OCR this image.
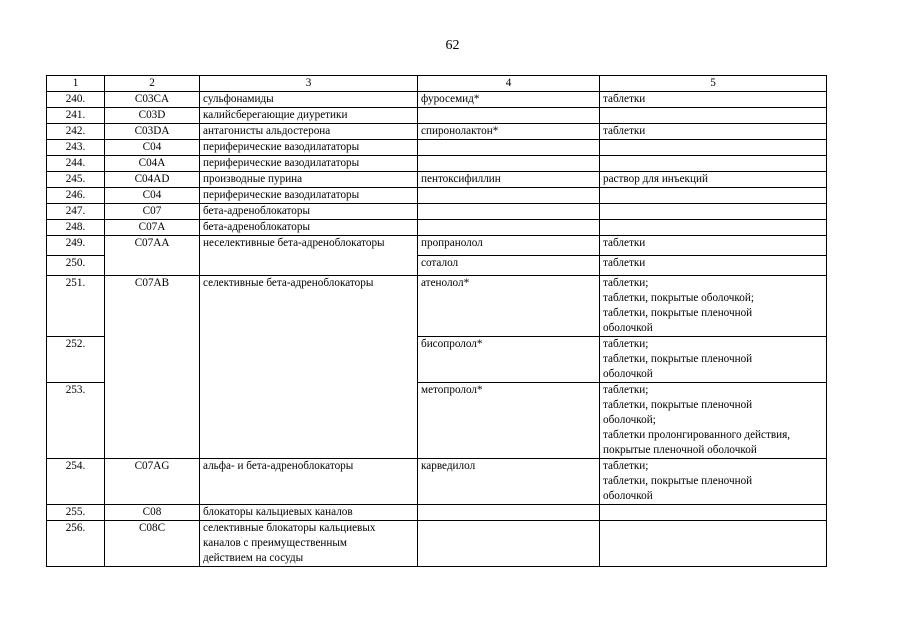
62
1	2	3	4	5
240.	C03CA	сульфонамиды	фуросемид*	таблетки

241.	C03D	калийсберегающие диуретики		

242.	C03DA	антагонисты альдостерона	спиронолактон*	таблетки

243.	C04	периферические вазодилататоры		

244.	C04A	периферические вазодилататоры		

245.	C04AD	производные пурина	пентоксифиллин	раствор для инъекций

246.	C04	периферические вазодилататоры		

247.	C07	бета-адреноблокаторы		

248.	C07A	бета-адреноблокаторы		

249.	C07AA	неселективные бета-адреноблокаторы	пропранолол	таблетки

250.			соталол	таблетки

251.	C07AB	селективные бета-адреноблокаторы	атенолол*	таблетки;
таблетки, покрытые оболочкой;
таблетки, покрытые пленочной
оболочкой

252.			бисопролол*	таблетки;
таблетки, покрытые пленочной
оболочкой

253.			метопролол*	таблетки;
таблетки, покрытые пленочной
оболочкой;
таблетки пролонгированного действия,
покрытые пленочной оболочкой

254.	C07AG	альфа- и бета-адреноблокаторы	карведилол	таблетки;
таблетки, покрытые пленочной
оболочкой

255.	C08	блокаторы кальциевых каналов		

256.	C08C	селективные блокаторы кальциевых
каналов с преимущественным
действием на сосуды		
